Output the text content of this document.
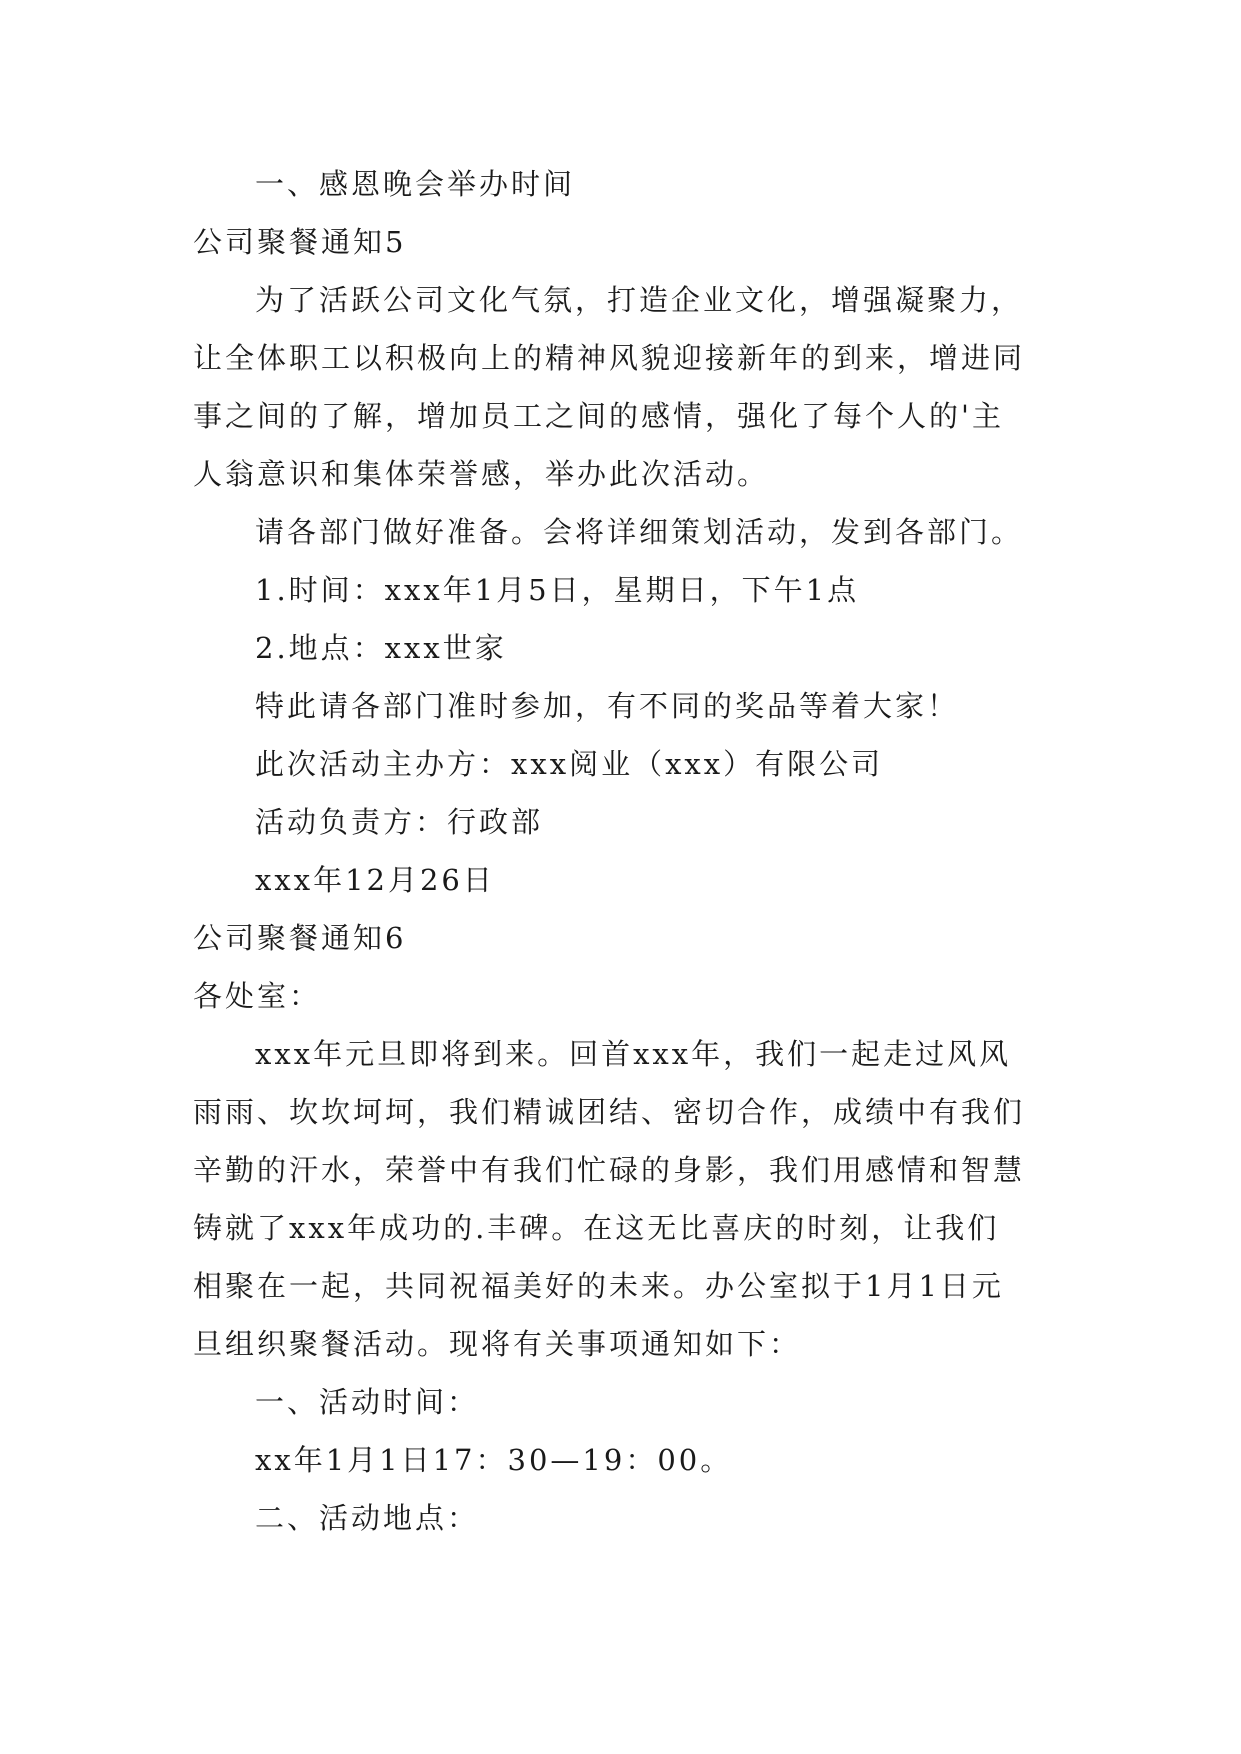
一、感恩晚会举办时间
公司聚餐通知5
为了活跃公司文化气氛，打造企业文化，增强凝聚力，
让全体职工以积极向上的精神风貌迎接新年的到来，增进同
事之间的了解，增加员工之间的感情，强化了每个人的'主
人翁意识和集体荣誉感，举办此次活动。
请各部门做好准备。会将详细策划活动，发到各部门。
1.时间：xxx年1月5日，星期日，下午1点
2.地点：xxx世家
特此请各部门准时参加，有不同的奖品等着大家！
此次活动主办方：xxx阅业（xxx）有限公司
活动负责方：行政部
xxx年12月26日
公司聚餐通知6
各处室：
xxx年元旦即将到来。回首xxx年，我们一起走过风风
雨雨、坎坎坷坷，我们精诚团结、密切合作，成绩中有我们
辛勤的汗水，荣誉中有我们忙碌的身影，我们用感情和智慧
铸就了xxx年成功的.丰碑。在这无比喜庆的时刻，让我们
相聚在一起，共同祝福美好的未来。办公室拟于1月1日元
旦组织聚餐活动。现将有关事项通知如下：
一、活动时间：
xx年1月1日17：30—19：00。
二、活动地点：
